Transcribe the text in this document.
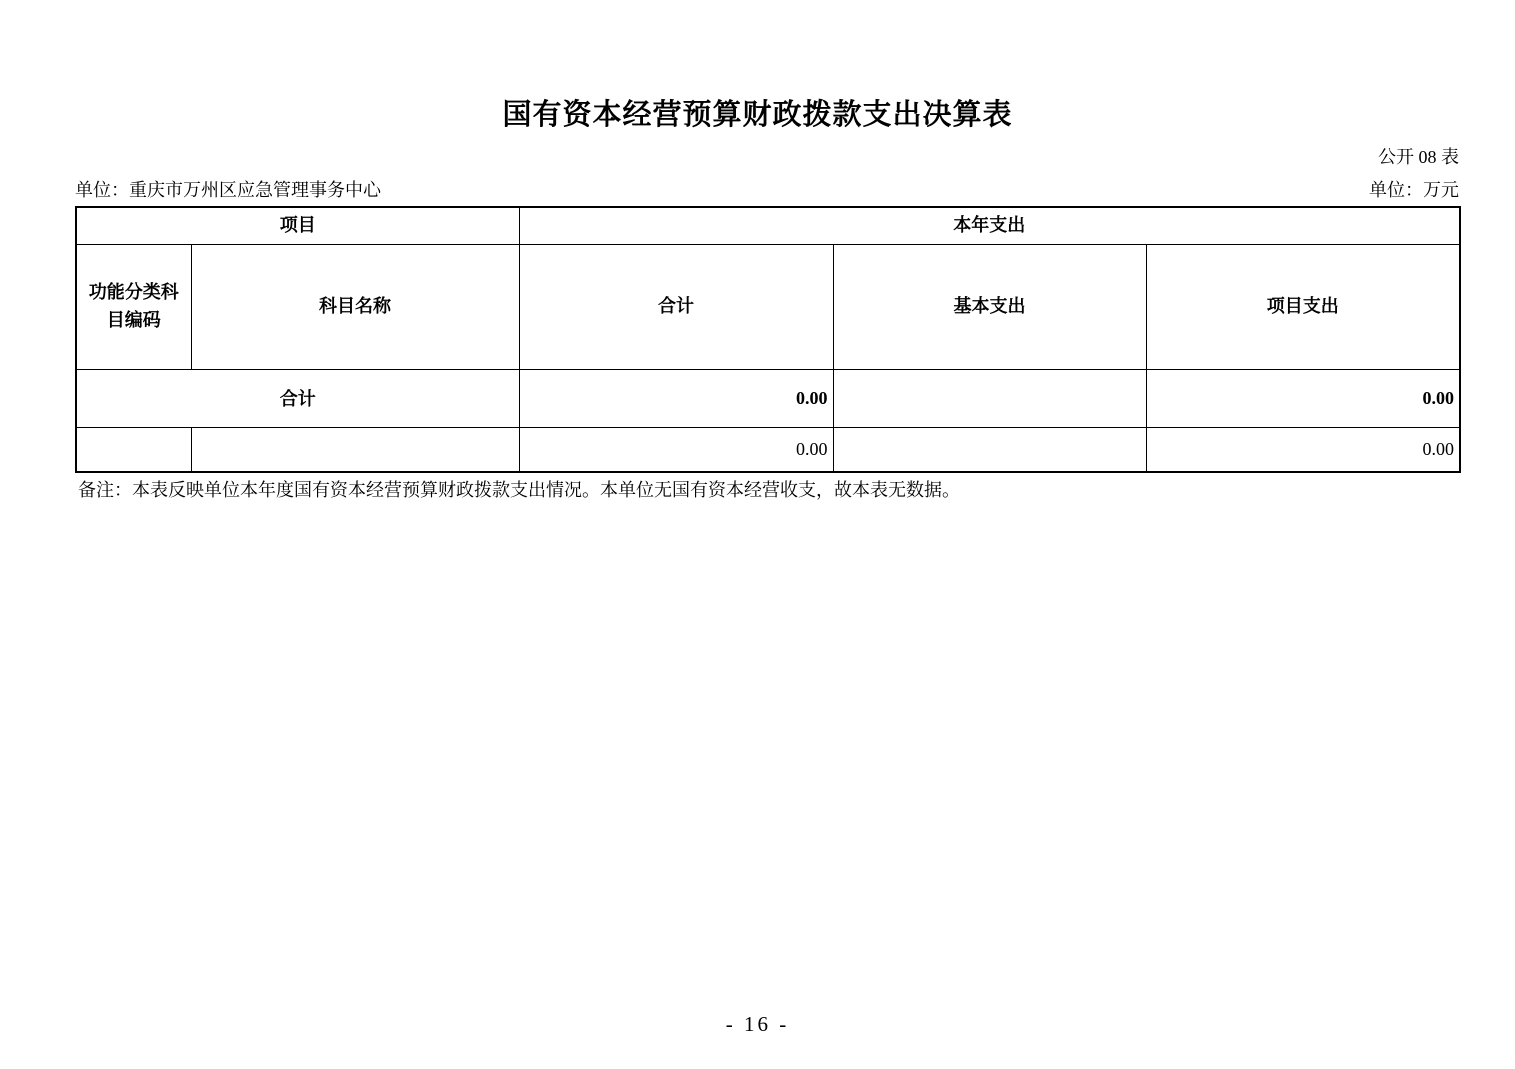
国有资本经营预算财政拨款支出决算表
公开 08 表
单位：重庆市万州区应急管理事务中心	单位：万元
项目		本年支出		
功能分类科目编码	科目名称	合计	基本支出	项目支出
合计		0.00		0.00
		0.00		0.00
备注：本表反映单位本年度国有资本经营预算财政拨款支出情况。本单位无国有资本经营收支，故本表无数据。
- 16 -
